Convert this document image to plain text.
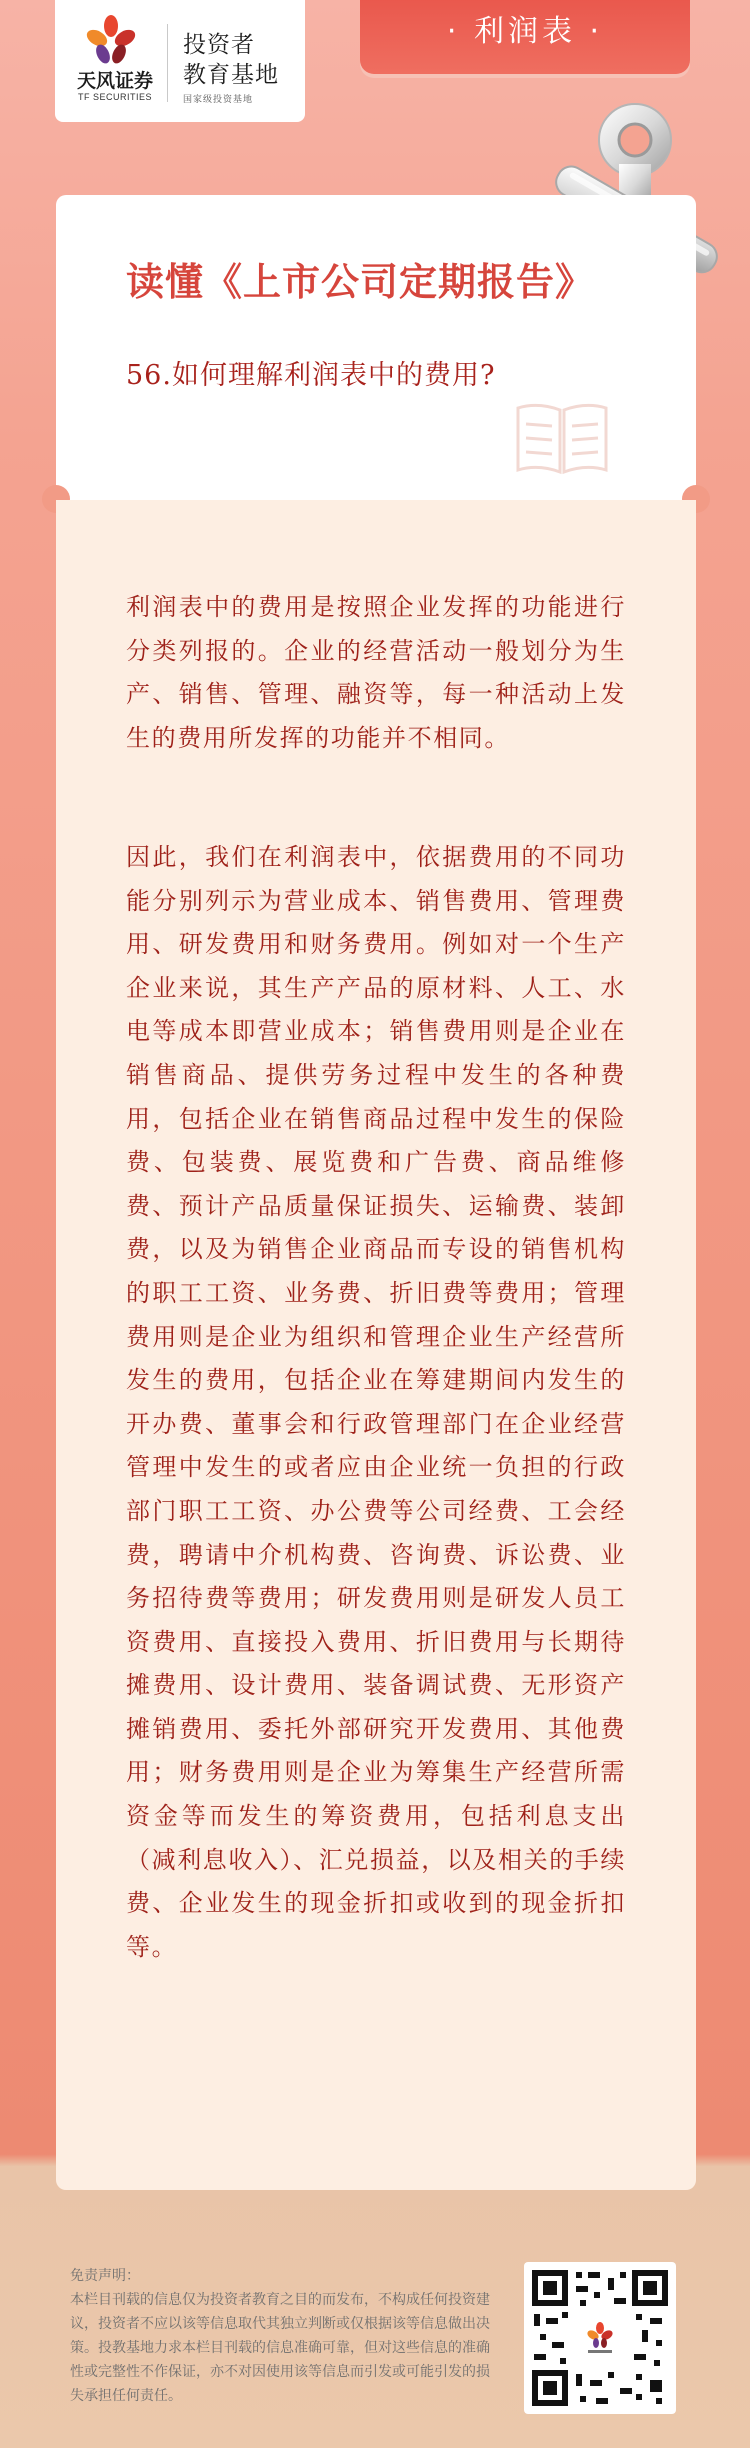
天风证券
TF SECURITIES
投资者
教育基地
国家级投资基地
· 利润表 ·
读懂《上市公司定期报告》
56.如何理解利润表中的费用?

利润表中的费用是按照企业发挥的功能进行分类列报的。企业的经营活动一般划分为生产、销售、管理、融资等，每一种活动上发生的费用所发挥的功能并不相同。

因此，我们在利润表中，依据费用的不同功能分别列示为营业成本、销售费用、管理费用、研发费用和财务费用。例如对一个生产企业来说，其生产产品的原材料、人工、水电等成本即营业成本；销售费用则是企业在销售商品、提供劳务过程中发生的各种费用，包括企业在销售商品过程中发生的保险费、包装费、展览费和广告费、商品维修费、预计产品质量保证损失、运输费、装卸费，以及为销售企业商品而专设的销售机构的职工工资、业务费、折旧费等费用；管理费用则是企业为组织和管理企业生产经营所发生的费用，包括企业在筹建期间内发生的开办费、董事会和行政管理部门在企业经营管理中发生的或者应由企业统一负担的行政部门职工工资、办公费等公司经费、工会经费，聘请中介机构费、咨询费、诉讼费、业务招待费等费用；研发费用则是研发人员工资费用、直接投入费用、折旧费用与长期待摊费用、设计费用、装备调试费、无形资产摊销费用、委托外部研究开发费用、其他费用；财务费用则是企业为筹集生产经营所需资金等而发生的筹资费用，包括利息支出（减利息收入）、汇兑损益，以及相关的手续费、企业发生的现金折扣或收到的现金折扣等。

免责声明：
本栏目刊载的信息仅为投资者教育之目的而发布，不构成任何投资建议，投资者不应以该等信息取代其独立判断或仅根据该等信息做出决策。投教基地力求本栏目刊载的信息准确可靠，但对这些信息的准确性或完整性不作保证，亦不对因使用该等信息而引发或可能引发的损失承担任何责任。
